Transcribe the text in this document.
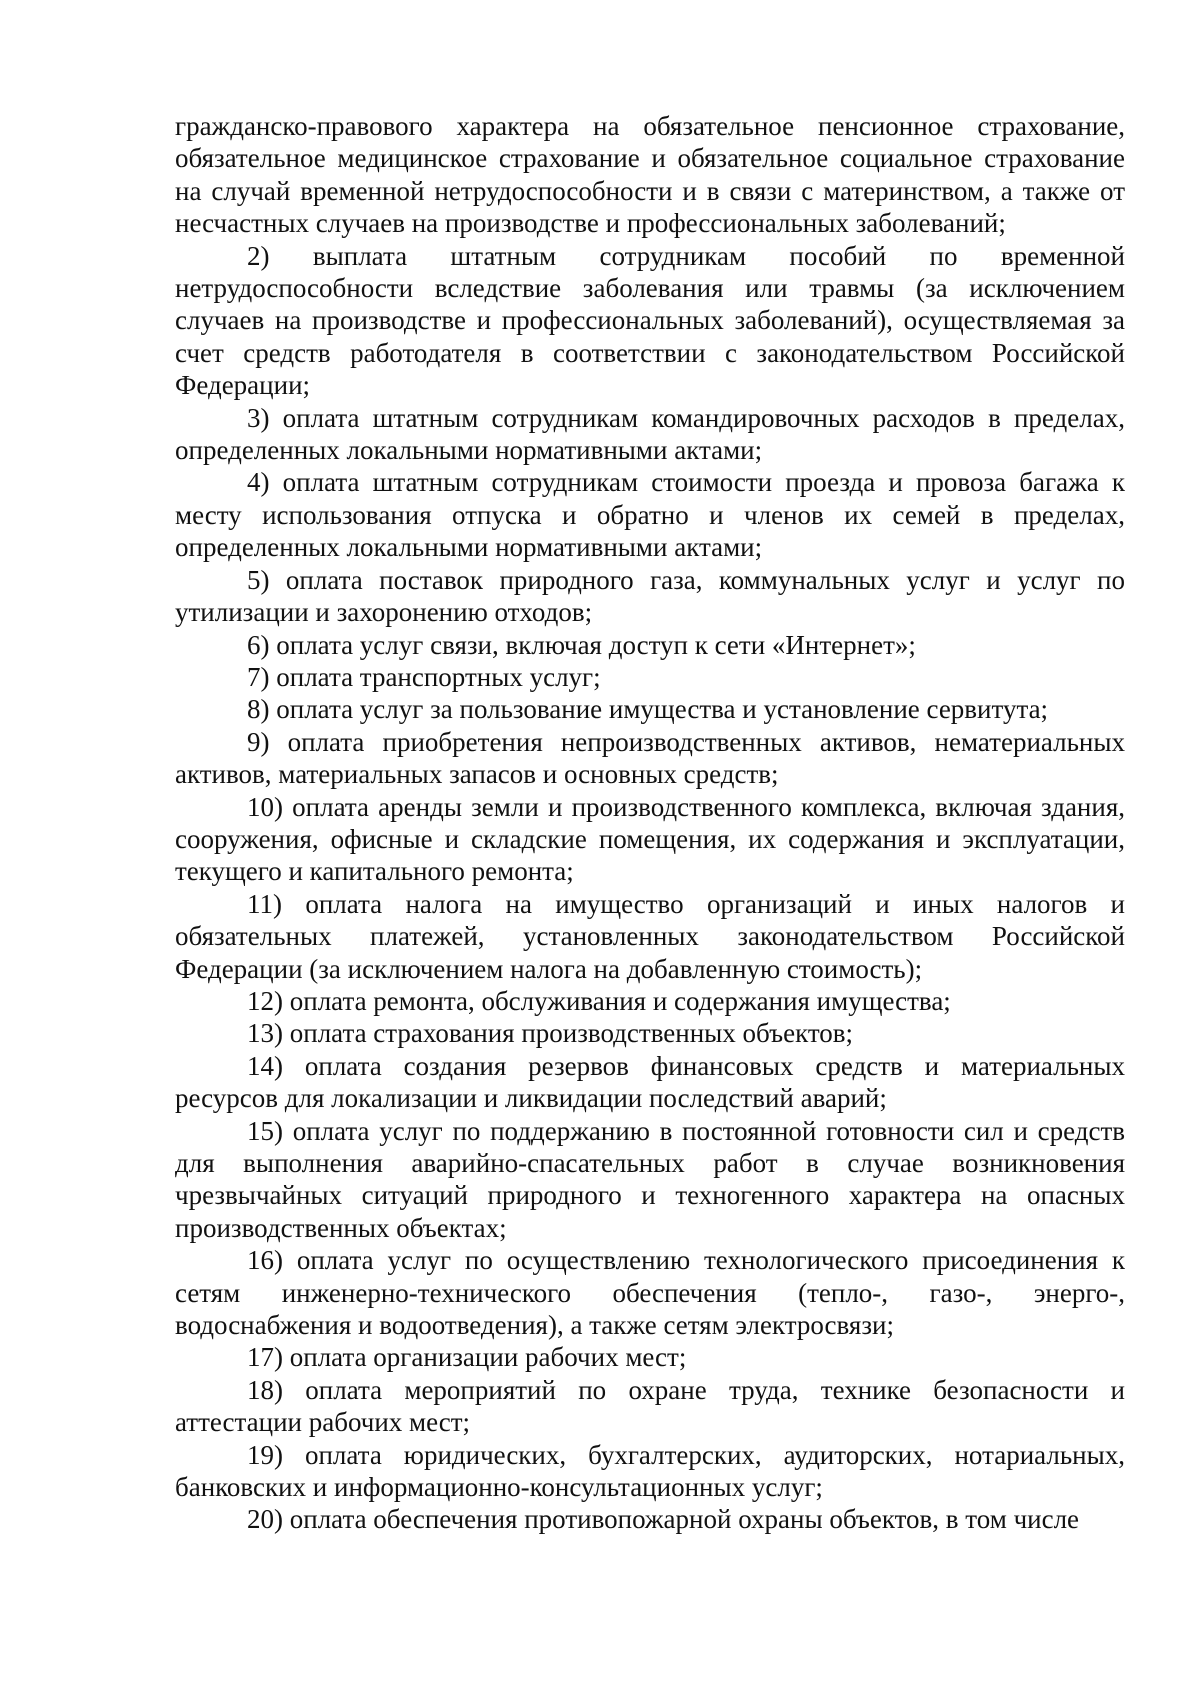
гражданско-правового характера на обязательное пенсионное страхование, обязательное медицинское страхование и обязательное социальное страхование на случай временной нетрудоспособности и в связи с материнством, а также от несчастных случаев на производстве и профессиональных заболеваний;

2) выплата штатным сотрудникам пособий по временной нетрудоспособности вследствие заболевания или травмы (за исключением случаев на производстве и профессиональных заболеваний), осуществляемая за счет средств работодателя в соответствии с законодательством Российской Федерации;

3) оплата штатным сотрудникам командировочных расходов в пределах, определенных локальными нормативными актами;

4) оплата штатным сотрудникам стоимости проезда и провоза багажа к месту использования отпуска и обратно и членов их семей в пределах, определенных локальными нормативными актами;

5) оплата поставок природного газа, коммунальных услуг и услуг по утилизации и захоронению отходов;

6) оплата услуг связи, включая доступ к сети «Интернет»;

7) оплата транспортных услуг;

8) оплата услуг за пользование имущества и установление сервитута;

9) оплата приобретения непроизводственных активов, нематериальных активов, материальных запасов и основных средств;

10) оплата аренды земли и производственного комплекса, включая здания, сооружения, офисные и складские помещения, их содержания и эксплуатации, текущего и капитального ремонта;

11) оплата налога на имущество организаций и иных налогов и обязательных платежей, установленных законодательством Российской Федерации (за исключением налога на добавленную стоимость);

12) оплата ремонта, обслуживания и содержания имущества;

13) оплата страхования производственных объектов;

14) оплата создания резервов финансовых средств и материальных ресурсов для локализации и ликвидации последствий аварий;

15) оплата услуг по поддержанию в постоянной готовности сил и средств для выполнения аварийно-спасательных работ в случае возникновения чрезвычайных ситуаций природного и техногенного характера на опасных производственных объектах;

16) оплата услуг по осуществлению технологического присоединения к сетям инженерно-технического обеспечения (тепло-, газо-, энерго-, водоснабжения и водоотведения), а также сетям электросвязи;

17) оплата организации рабочих мест;

18) оплата мероприятий по охране труда, технике безопасности и аттестации рабочих мест;

19) оплата юридических, бухгалтерских, аудиторских, нотариальных, банковских и информационно-консультационных услуг;

20) оплата обеспечения противопожарной охраны объектов, в том числе
